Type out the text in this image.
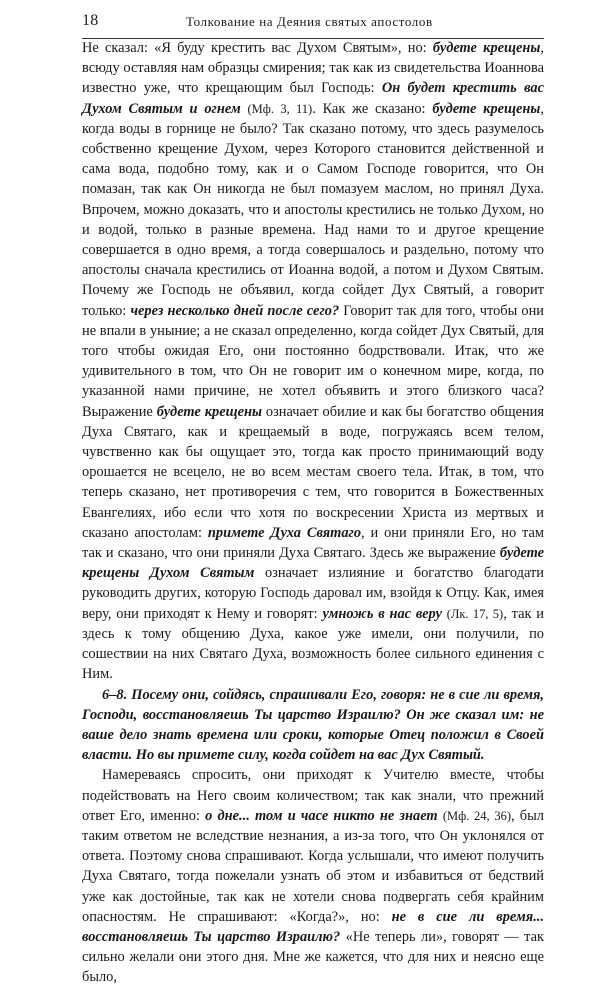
18	Толкование на Деяния святых апостолов

Не сказал: «Я буду крестить вас Духом Святым», но: будете крещены, всюду оставляя нам образцы смирения; так как из свидетельства Иоаннова известно уже, что крещающим был Господь: Он будет крестить вас Духом Святым и огнем (Мф. 3, 11). Как же сказано: будете крещены, когда воды в горнице не было? Так сказано потому, что здесь разумелось собственно крещение Духом, через Которого становится действенной и сама вода, подобно тому, как и о Самом Господе говорится, что Он помазан, так как Он никогда не был помазуем маслом, но принял Духа. Впрочем, можно доказать, что и апостолы крестились не только Духом, но и водой, только в разные времена. Над нами то и другое крещение совершается в одно время, а тогда совершалось и раздельно, потому что апостолы сначала крестились от Иоанна водой, а потом и Духом Святым. Почему же Господь не объявил, когда сойдет Дух Святый, а говорит только: через несколько дней после сего? Говорит так для того, чтобы они не впали в уныние; а не сказал определенно, когда сойдет Дух Святый, для того чтобы ожидая Его, они постоянно бодрствовали. Итак, что же удивительного в том, что Он не говорит им о конечном мире, когда, по указанной нами причине, не хотел объявить и этого близкого часа? Выражение будете крещены означает обилие и как бы богатство общения Духа Святаго, как и крещаемый в воде, погружаясь всем телом, чувственно как бы ощущает это, тогда как просто принимающий воду орошается не всецело, не во всем местам своего тела. Итак, в том, что теперь сказано, нет противоречия с тем, что говорится в Божественных Евангелиях, ибо если что хотя по воскресении Христа из мертвых и сказано апостолам: примете Духа Святаго, и они приняли Его, но там так и сказано, что они приняли Духа Святаго. Здесь же выражение будете крещены Духом Святым означает излияние и богатство благодати руководить других, которую Господь даровал им, взойдя к Отцу. Как, имея веру, они приходят к Нему и говорят: умножь в нас веру (Лк. 17, 5), так и здесь к тому общению Духа, какое уже имели, они получили, по сошествии на них Святаго Духа, возможность более сильного единения с Ним.

6–8. Посему они, сойдясь, спрашивали Его, говоря: не в сие ли время, Господи, восстановляешь Ты царство Израилю? Он же сказал им: не ваше дело знать времена или сроки, которые Отец положил в Своей власти. Но вы примете силу, когда сойдет на вас Дух Святый.

Намереваясь спросить, они приходят к Учителю вместе, чтобы подействовать на Него своим количеством; так как знали, что прежний ответ Его, именно: о дне... том и часе никто не знает (Мф. 24, 36), был таким ответом не вследствие незнания, а из-за того, что Он уклонялся от ответа. Поэтому снова спрашивают. Когда услышали, что имеют получить Духа Святаго, тогда пожелали узнать об этом и избавиться от бедствий уже как достойные, так как не хотели снова подвергать себя крайним опасностям. Не спрашивают: «Когда?», но: не в сие ли время... восстановляешь Ты царство Израилю? «Не теперь ли», говорят — так сильно желали они этого дня. Мне же кажется, что для них и неясно еще было,
